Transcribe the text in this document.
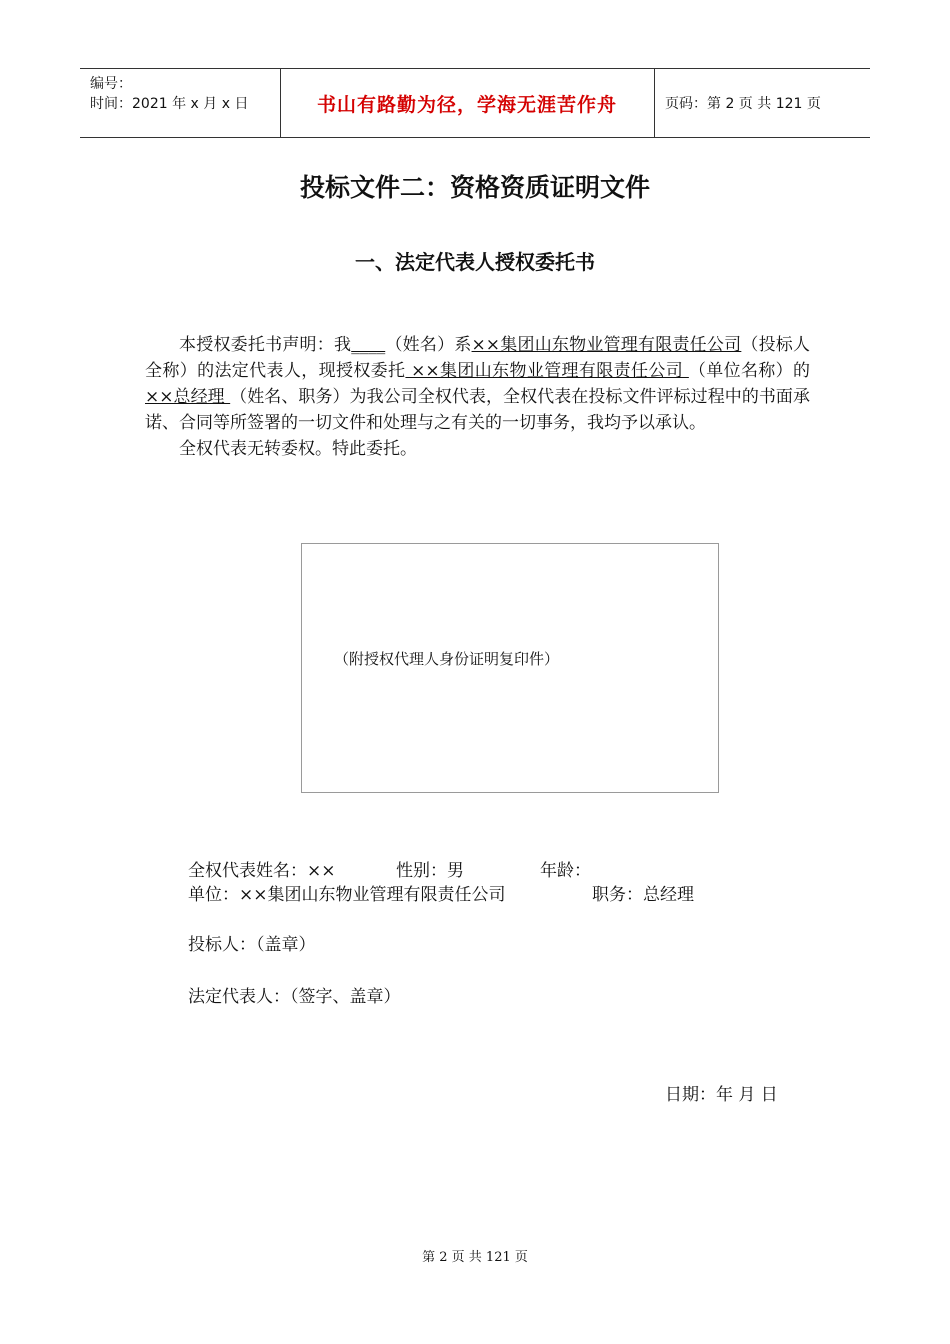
编号：
时间：2021 年 x 月 x 日	书山有路勤为径，学海无涯苦作舟	页码：第 2 页 共 121 页
投标文件二：资格资质证明文件
一、法定代表人授权委托书

本授权委托书声明：我____（姓名）系××集团山东物业管理有限责任公司（投标人全称）的法定代表人，现授权委托 ××集团山东物业管理有限责任公司 （单位名称）的 ××总经理 （姓名、职务）为我公司全权代表，全权代表在投标文件评标过程中的书面承诺、合同等所签署的一切文件和处理与之有关的一切事务，我均予以承认。

全权代表无转委权。特此委托。

（附授权代理人身份证明复印件）
全权代表姓名：××	性别：男	年龄：
单位：××集团山东物业管理有限责任公司	职务：总经理
投标人：（盖章）
法定代表人：（签字、盖章）
日期：年 月 日
第 2 页 共 121 页
